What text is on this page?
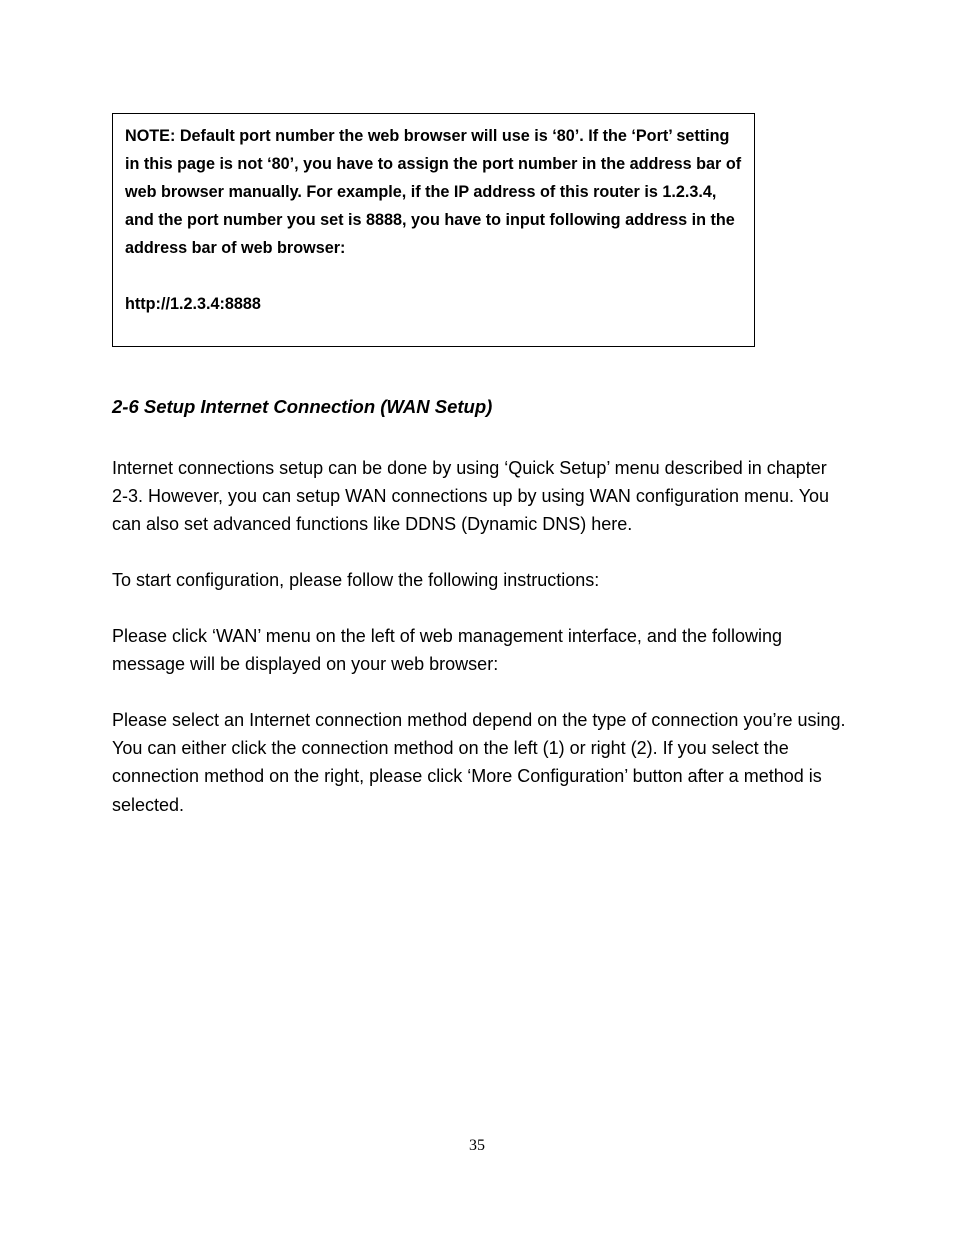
NOTE: Default port number the web browser will use is ‘80’. If the ‘Port’ setting in this page is not ‘80’, you have to assign the port number in the address bar of web browser manually. For example, if the IP address of this router is 1.2.3.4, and the port number you set is 8888, you have to input following address in the address bar of web browser:

http://1.2.3.4:8888

2-6 Setup Internet Connection (WAN Setup)

Internet connections setup can be done by using ‘Quick Setup’ menu described in chapter 2-3. However, you can setup WAN connections up by using WAN configuration menu. You can also set advanced functions like DDNS (Dynamic DNS) here.

To start configuration, please follow the following instructions:

Please click ‘WAN’ menu on the left of web management interface, and the following message will be displayed on your web browser:

Please select an Internet connection method depend on the type of connection you’re using. You can either click the connection method on the left (1) or right (2). If you select the connection method on the right, please click ‘More Configuration’ button after a method is selected.

35
